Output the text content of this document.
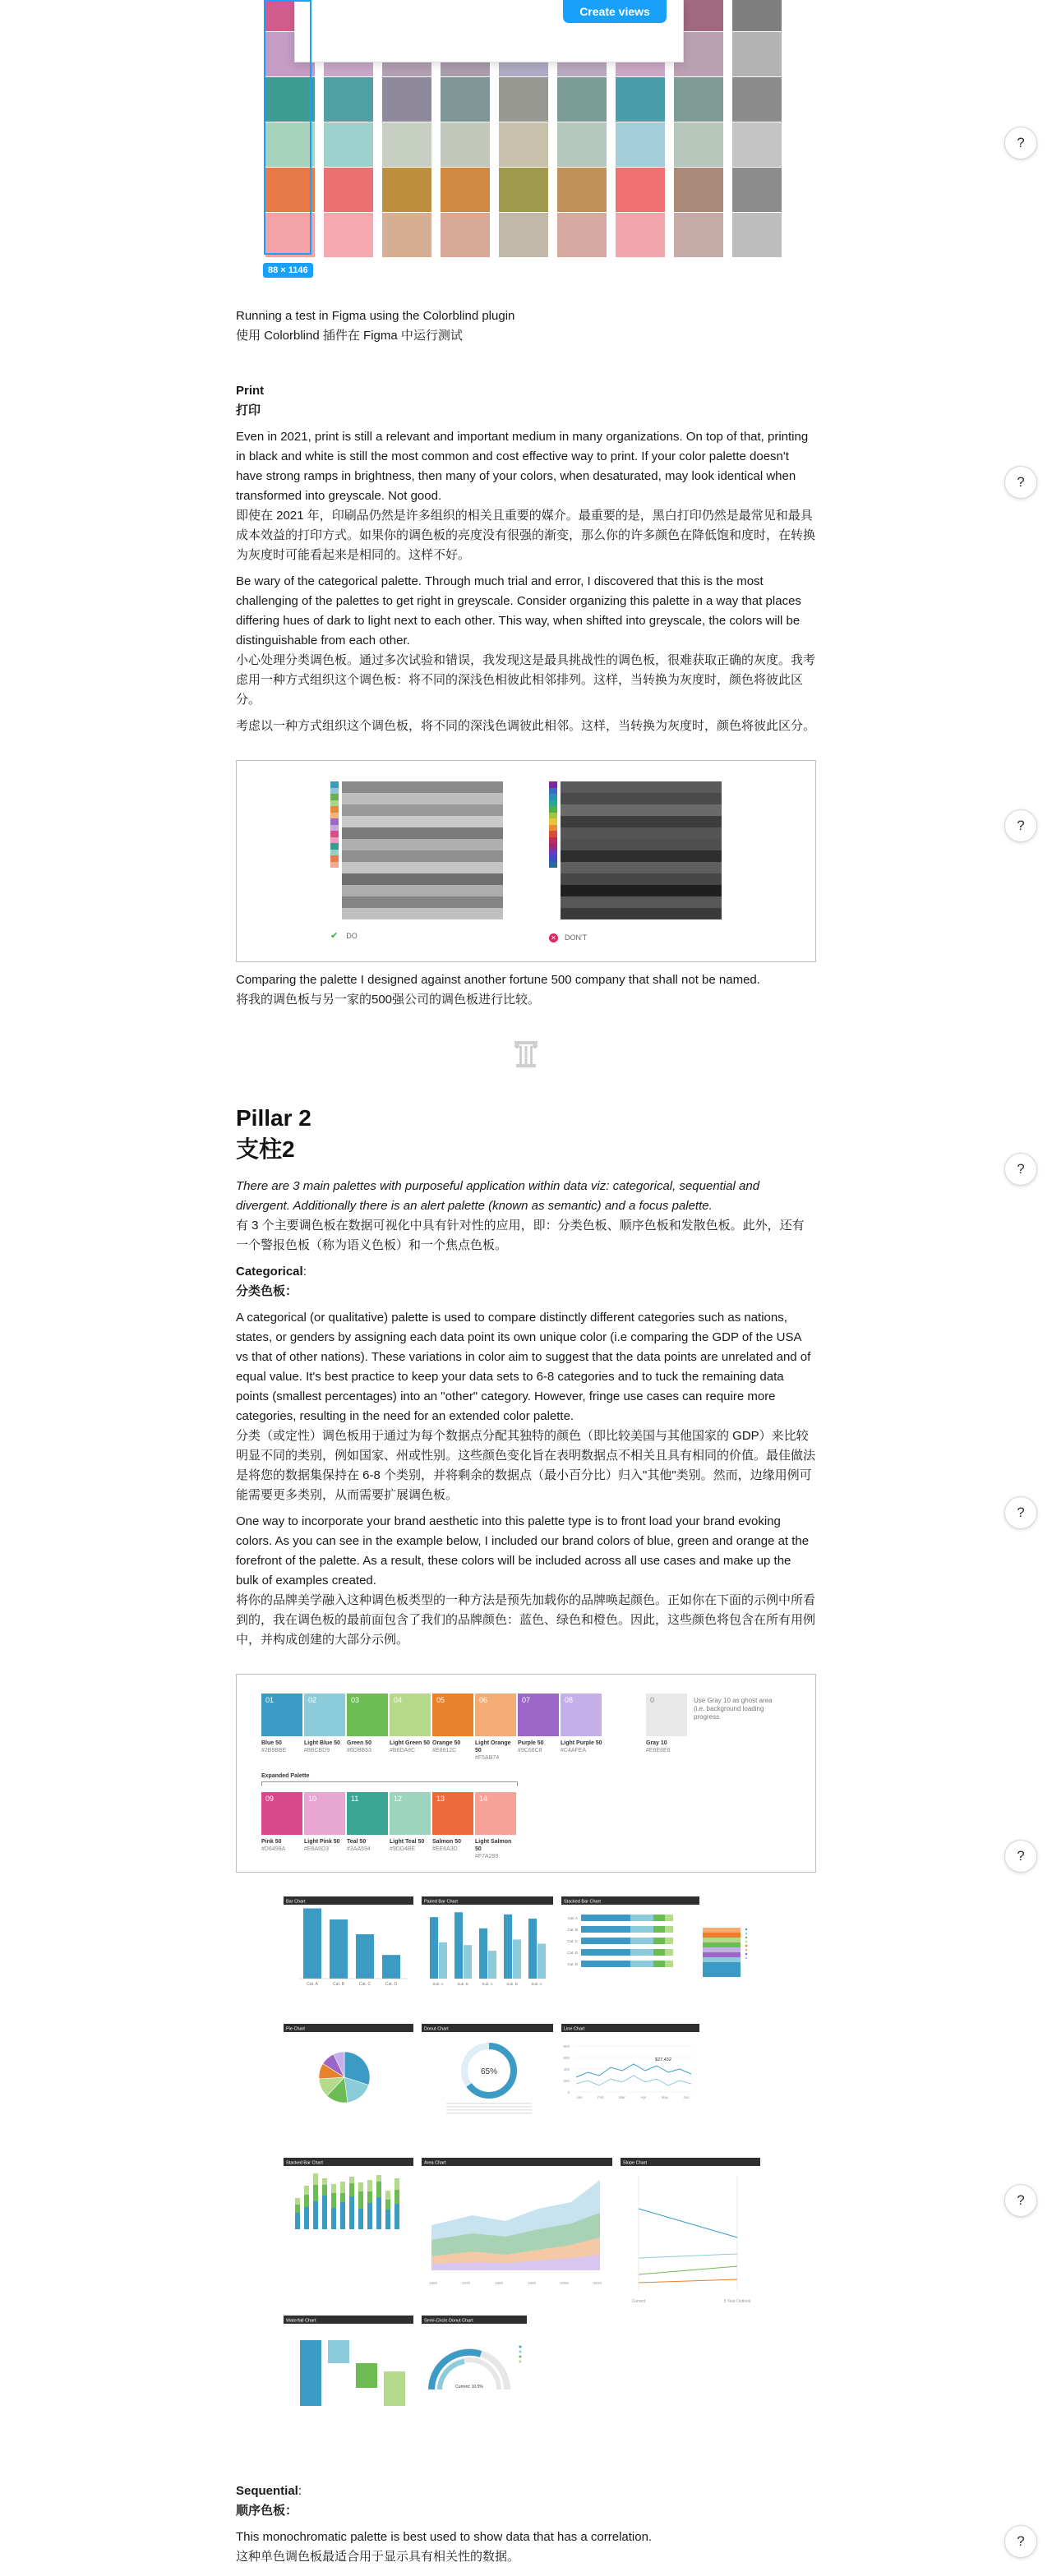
Create views
88 × 1146
?
?
?
?
?
?
?
?
Running a test in Figma using the Colorblind plugin
使用 Colorblind 插件在 Figma 中运行测试
Print
打印
Even in 2021, print is still a relevant and important medium in many organizations. On top of that, printing in black and white is still the most common and cost effective way to print. If your color palette doesn't have strong ramps in brightness, then many of your colors, when desaturated, may look identical when transformed into greyscale. Not good.
即使在 2021 年，印刷品仍然是许多组织的相关且重要的媒介。最重要的是，黑白打印仍然是最常见和最具成本效益的打印方式。如果你的调色板的亮度没有很强的渐变，那么你的许多颜色在降低饱和度时，在转换为灰度时可能看起来是相同的。这样不好。
Be wary of the categorical palette. Through much trial and error, I discovered that this is the most challenging of the palettes to get right in greyscale. Consider organizing this palette in a way that places differing hues of dark to light next to each other. This way, when shifted into greyscale, the colors will be distinguishable from each other.
小心处理分类调色板。通过多次试验和错误，我发现这是最具挑战性的调色板，很难获取正确的灰度。我考虑用一种方式组织这个调色板：将不同的深浅色相彼此相邻排列。这样，当转换为灰度时，颜色将彼此区分。
考虑以一种方式组织这个调色板，将不同的深浅色调彼此相邻。这样，当转换为灰度时，颜色将彼此区分。
✔ DO	✕ DON'T
Comparing the palette I designed against another fortune 500 company that shall not be named.
将我的调色板与另一家的500强公司的调色板进行比较。
Pillar 2
支柱2
There are 3 main palettes with purposeful application within data viz: categorical, sequential and divergent. Additionally there is an alert palette (known as semantic) and a focus palette.
有 3 个主要调色板在数据可视化中具有针对性的应用，即：分类色板、顺序色板和发散色板。此外，还有一个警报色板（称为语义色板）和一个焦点色板。
Categorical:
分类色板：
A categorical (or qualitative) palette is used to compare distinctly different categories such as nations, states, or genders by assigning each data point its own unique color (i.e comparing the GDP of the USA vs that of other nations). These variations in color aim to suggest that the data points are unrelated and of equal value. It's best practice to keep your data sets to 6-8 categories and to tuck the remaining data points (smallest percentages) into an "other" category. However, fringe use cases can require more categories, resulting in the need for an extended color palette.
分类（或定性）调色板用于通过为每个数据点分配其独特的颜色（即比较美国与其他国家的 GDP）来比较明显不同的类别，例如国家、州或性别。这些颜色变化旨在表明数据点不相关且具有相同的价值。最佳做法是将您的数据集保持在 6-8 个类别，并将剩余的数据点（最小百分比）归入"其他"类别。然而，边缘用例可能需要更多类别，从而需要扩展调色板。
One way to incorporate your brand aesthetic into this palette type is to front load your brand evoking colors. As you can see in the example below, I included our brand colors of blue, green and orange at the forefront of the palette. As a result, these colors will be included across all use cases and make up the bulk of examples created.
将你的品牌美学融入这种调色板类型的一种方法是预先加载你的品牌唤起颜色。正如你在下面的示例中所看到的，我在调色板的最前面包含了我们的品牌颜色：蓝色、绿色和橙色。因此，这些颜色将包含在所有用例中，并构成创建的大部分示例。
0
Gray 10
#E8E8E8
Use Gray 10 as ghost area (i.e. background loading progress.
Expanded Palette
01
Blue 50
#2B9BBE
02
Light Blue 50
#8BCBD9
03
Green 50
#6DBB53
04
Light Green 50
#B6DA8C
05
Orange 50
#E8812C
06
Light Orange 50
#F5AB74
07
Purple 50
#9C66C8
08
Light Purple 50
#C4AFEA
09
Pink 50
#D6498A
10
Light Pink 50
#E8A6D3
11
Teal 50
#3AA594
12
Light Teal 50
#9DD4BE
13
Salmon 50
#EE6A3D
14
Light Salmon 50
#F7A299
Bar Chart
Cat. A	Cat. B	Cat. C	Cat. D
Paired Bar Chart
Sub. A	Sub. B	Sub. A	Sub. B	Sub. A
Stacked Bar Chart
Cat. A
Cat. B
Cat. C
Cat. D
Cat. E
Pie Chart	Donut Chart
65%
Line Chart
800
600
400
200
0
Jan	Feb	Mar	Apr	May	Jun
$27,432
Stacked Bar Chart	Area Chart
1950	1970	1980	1990	2000	2010
Slope Chart
Current	5 Year Outlook
Waterfall Chart	Semi-Circle Donut Chart
Current: 10.5%
Sequential:
顺序色板：
This monochromatic palette is best used to show data that has a correlation.
这种单色调色板最适合用于显示具有相关性的数据。
